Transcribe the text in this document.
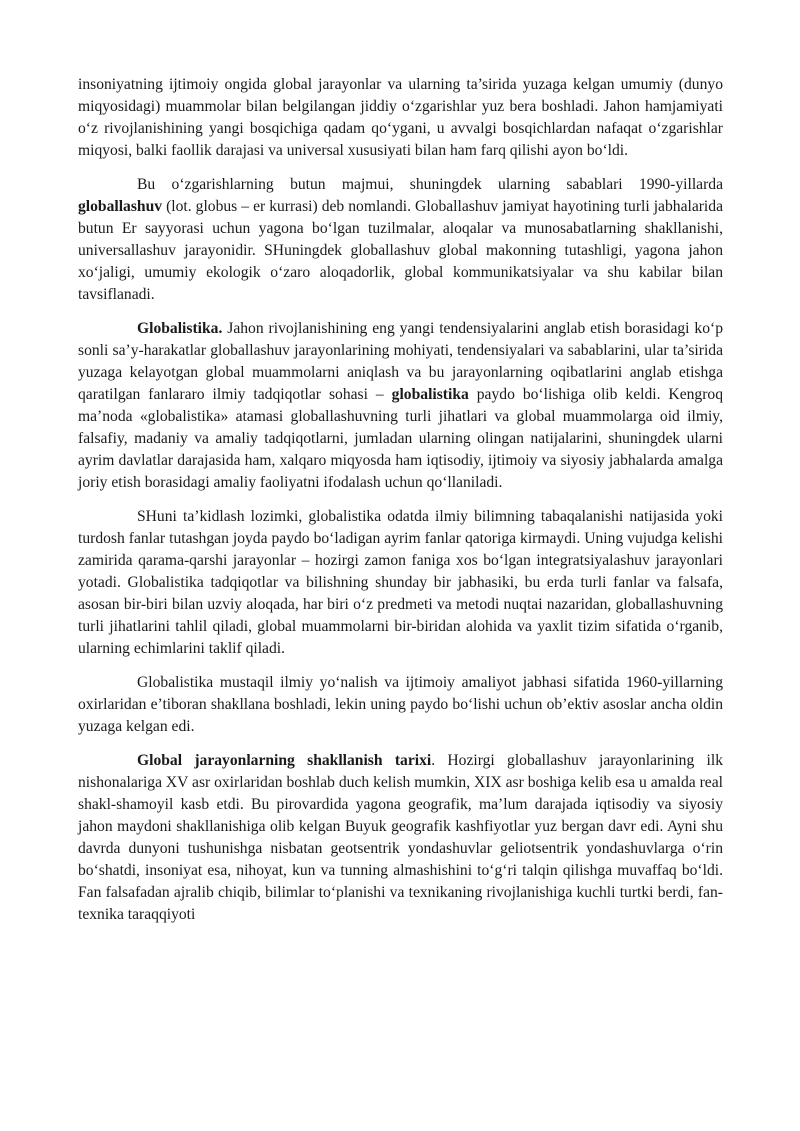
insoniyatning ijtimoiy ongida global jarayonlar va ularning ta’sirida yuzaga kelgan umumiy (dunyo miqyosidagi) muammolar bilan belgilangan jiddiy o‘zgarishlar yuz bera boshladi. Jahon hamjamiyati o‘z rivojlanishining yangi bosqichiga qadam qo‘ygani, u avvalgi bosqichlardan nafaqat o‘zgarishlar miqyosi, balki faollik darajasi va universal xususiyati bilan ham farq qilishi ayon bo‘ldi.

Bu o‘zgarishlarning butun majmui, shuningdek ularning sabablari 1990-yillarda globallashuv (lot. globus – er kurrasi) deb nomlandi. Globallashuv jamiyat hayotining turli jabhalarida butun Er sayyorasi uchun yagona bo‘lgan tuzilmalar, aloqalar va munosabatlarning shakllanishi, universallashuv jarayonidir. SHuningdek globallashuv global makonning tutashligi, yagona jahon xo‘jaligi, umumiy ekologik o‘zaro aloqadorlik, global kommunikatsiyalar va shu kabilar bilan tavsiflanadi.

Globalistika. Jahon rivojlanishining eng yangi tendensiyalarini anglab etish borasidagi ko‘p sonli sa’y-harakatlar globallashuv jarayonlarining mohiyati, tendensiyalari va sabablarini, ular ta’sirida yuzaga kelayotgan global muammolarni aniqlash va bu jarayonlarning oqibatlarini anglab etishga qaratilgan fanlararo ilmiy tadqiqotlar sohasi – globalistika paydo bo‘lishiga olib keldi. Kengroq ma’noda «globalistika» atamasi globallashuvning turli jihatlari va global muammolarga oid ilmiy, falsafiy, madaniy va amaliy tadqiqotlarni, jumladan ularning olingan natijalarini, shuningdek ularni ayrim davlatlar darajasida ham, xalqaro miqyosda ham iqtisodiy, ijtimoiy va siyosiy jabhalarda amalga joriy etish borasidagi amaliy faoliyatni ifodalash uchun qo‘llaniladi.

SHuni ta’kidlash lozimki, globalistika odatda ilmiy bilimning tabaqalanishi natijasida yoki turdosh fanlar tutashgan joyda paydo bo‘ladigan ayrim fanlar qatoriga kirmaydi. Uning vujudga kelishi zamirida qarama-qarshi jarayonlar – hozirgi zamon faniga xos bo‘lgan integratsiyalashuv jarayonlari yotadi. Globalistika tadqiqotlar va bilishning shunday bir jabhasiki, bu erda turli fanlar va falsafa, asosan bir-biri bilan uzviy aloqada, har biri o‘z predmeti va metodi nuqtai nazaridan, globallashuvning turli jihatlarini tahlil qiladi, global muammolarni bir-biridan alohida va yaxlit tizim sifatida o‘rganib, ularning echimlarini taklif qiladi.

Globalistika mustaqil ilmiy yo‘nalish va ijtimoiy amaliyot jabhasi sifatida 1960-yillarning oxirlaridan e’tiboran shakllana boshladi, lekin uning paydo bo‘lishi uchun ob’ektiv asoslar ancha oldin yuzaga kelgan edi.

Global jarayonlarning shakllanish tarixi. Hozirgi globallashuv jarayonlarining ilk nishonalariga XV asr oxirlaridan boshlab duch kelish mumkin, XIX asr boshiga kelib esa u amalda real shakl-shamoyil kasb etdi. Bu pirovardida yagona geografik, ma’lum darajada iqtisodiy va siyosiy jahon maydoni shakllanishiga olib kelgan Buyuk geografik kashfiyotlar yuz bergan davr edi. Ayni shu davrda dunyoni tushunishga nisbatan geotsentrik yondashuvlar geliotsentrik yondashuvlarga o‘rin bo‘shatdi, insoniyat esa, nihoyat, kun va tunning almashishini to‘g‘ri talqin qilishga muvaffaq bo‘ldi. Fan falsafadan ajralib chiqib, bilimlar to‘planishi va texnikaning rivojlanishiga kuchli turtki berdi, fan-texnika taraqqiyoti
